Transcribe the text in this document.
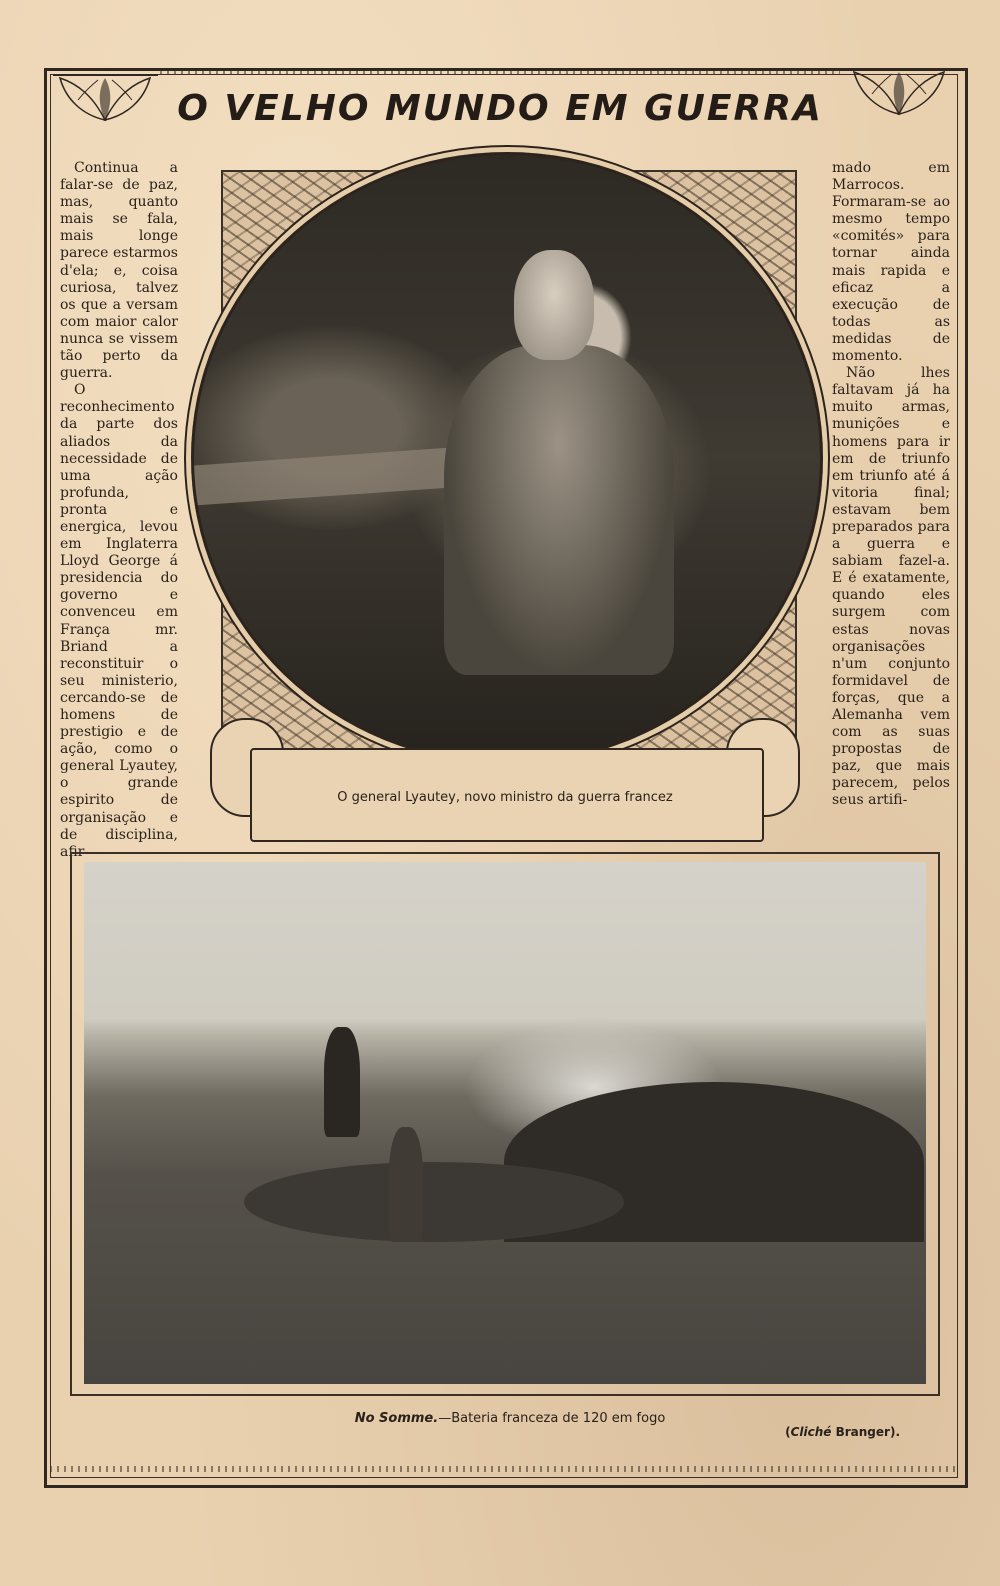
O VELHO MUNDO EM GUERRA

Continua a falar-se de paz, mas, quanto mais se fala, mais longe parece estarmos d'ela; e, coisa curiosa, talvez os que a versam com maior calor nunca se vissem tão perto da guerra.

O reconhecimento da parte dos aliados da necessidade de uma ação profunda, pronta e energica, levou em Inglaterra Lloyd George á presidencia do governo e convenceu em França mr. Briand a reconstituir o seu ministerio, cercando-se de homens de prestigio e de ação, como o general Lyautey, o grande espirito de organisação e de disciplina, afir-

O general Lyautey, novo ministro da guerra francez

mado em Marrocos. Formaram-se ao mesmo tempo «comités» para tornar ainda mais rapida e eficaz a execução de todas as medidas de momento.

Não lhes faltavam já ha muito armas, munições e homens para ir em de triunfo em triunfo até á vitoria final; estavam bem preparados para a guerra e sabiam fazel-a. E é exatamente, quando eles surgem com estas novas organisações n'um conjunto formidavel de forças, que a Alemanha vem com as suas propostas de paz, que mais parecem, pelos seus artifi-

No Somme.—Bateria franceza de 120 em fogo
(Cliché Branger).
